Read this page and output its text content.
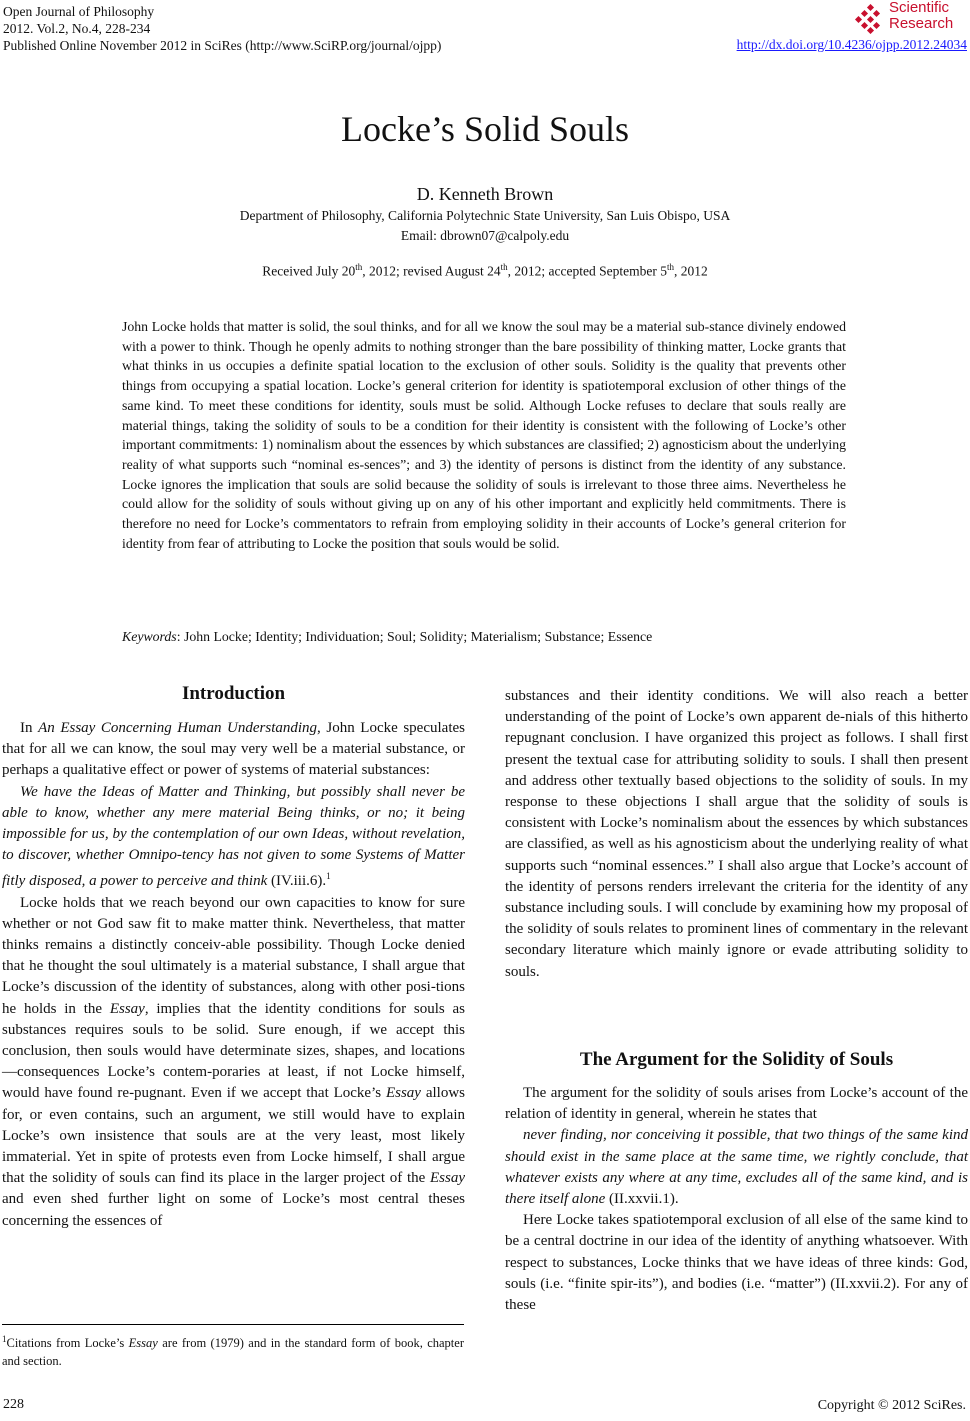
Open Journal of Philosophy
2012. Vol.2, No.4, 228-234
Published Online November 2012 in SciRes (http://www.SciRP.org/journal/ojpp)
Scientific
Research
http://dx.doi.org/10.4236/ojpp.2012.24034
Locke’s Solid Souls
D. Kenneth Brown
Department of Philosophy, California Polytechnic State University, San Luis Obispo, USA
Email: dbrown07@calpoly.edu
Received July 20th, 2012; revised August 24th, 2012; accepted September 5th, 2012
John Locke holds that matter is solid, the soul thinks, and for all we know the soul may be a material sub-stance divinely endowed with a power to think. Though he openly admits to nothing stronger than the bare possibility of thinking matter, Locke grants that what thinks in us occupies a definite spatial location to the exclusion of other souls. Solidity is the quality that prevents other things from occupying a spatial location. Locke’s general criterion for identity is spatiotemporal exclusion of other things of the same kind. To meet these conditions for identity, souls must be solid. Although Locke refuses to declare that souls really are material things, taking the solidity of souls to be a condition for their identity is consistent with the following of Locke’s other important commitments: 1) nominalism about the essences by which substances are classified; 2) agnosticism about the underlying reality of what supports such “nominal es-sences”; and 3) the identity of persons is distinct from the identity of any substance. Locke ignores the implication that souls are solid because the solidity of souls is irrelevant to those three aims. Nevertheless he could allow for the solidity of souls without giving up on any of his other important and explicitly held commitments. There is therefore no need for Locke’s commentators to refrain from employing solidity in their accounts of Locke’s general criterion for identity from fear of attributing to Locke the position that souls would be solid.
Keywords: John Locke; Identity; Individuation; Soul; Solidity; Materialism; Substance; Essence
Introduction

In An Essay Concerning Human Understanding, John Locke speculates that for all we can know, the soul may very well be a material substance, or perhaps a qualitative effect or power of systems of material substances:

We have the Ideas of Matter and Thinking, but possibly shall never be able to know, whether any mere material Being thinks, or no; it being impossible for us, by the contemplation of our own Ideas, without revelation, to discover, whether Omnipo-tency has not given to some Systems of Matter fitly disposed, a power to perceive and think (IV.iii.6).$^1$

Locke holds that we reach beyond our own capacities to know for sure whether or not God saw fit to make matter think. Nevertheless, that matter thinks remains a distinctly conceiv-able possibility. Though Locke denied that he thought the soul ultimately is a material substance, I shall argue that Locke’s discussion of the identity of substances, along with other posi-tions he holds in the Essay, implies that the identity conditions for souls as substances requires souls to be solid. Sure enough, if we accept this conclusion, then souls would have determinate sizes, shapes, and locations—consequences Locke’s contem-poraries at least, if not Locke himself, would have found re-pugnant. Even if we accept that Locke’s Essay allows for, or even contains, such an argument, we still would have to explain Locke’s own insistence that souls are at the very least, most likely immaterial. Yet in spite of protests even from Locke himself, I shall argue that the solidity of souls can find its place in the larger project of the Essay and even shed further light on some of Locke’s most central theses concerning the essences of

$^1$Citations from Locke’s Essay are from (1979) and in the standard form of book, chapter and section.

substances and their identity conditions. We will also reach a better understanding of the point of Locke’s own apparent de-nials of this hitherto repugnant conclusion. I have organized this project as follows. I shall first present the textual case for attributing solidity to souls. I shall then present and address other textually based objections to the solidity of souls. In my response to these objections I shall argue that the solidity of souls is consistent with Locke’s nominalism about the essences by which substances are classified, as well as his agnosticism about the underlying reality of what supports such “nominal essences.” I shall also argue that Locke’s account of the identity of persons renders irrelevant the criteria for the identity of any substance including souls. I will conclude by examining how my proposal of the solidity of souls relates to prominent lines of commentary in the relevant secondary literature which mainly ignore or evade attributing solidity to souls.

The Argument for the Solidity of Souls

The argument for the solidity of souls arises from Locke’s account of the relation of identity in general, wherein he states that

never finding, nor conceiving it possible, that two things of the same kind should exist in the same place at the same time, we rightly conclude, that whatever exists any where at any time, excludes all of the same kind, and is there itself alone (II.xxvii.1).

Here Locke takes spatiotemporal exclusion of all else of the same kind to be a central doctrine in our idea of the identity of anything whatsoever. With respect to substances, Locke thinks that we have ideas of three kinds: God, souls (i.e. “finite spir-its”), and bodies (i.e. “matter”) (II.xxvii.2). For any of these

228	Copyright © 2012 SciRes.
